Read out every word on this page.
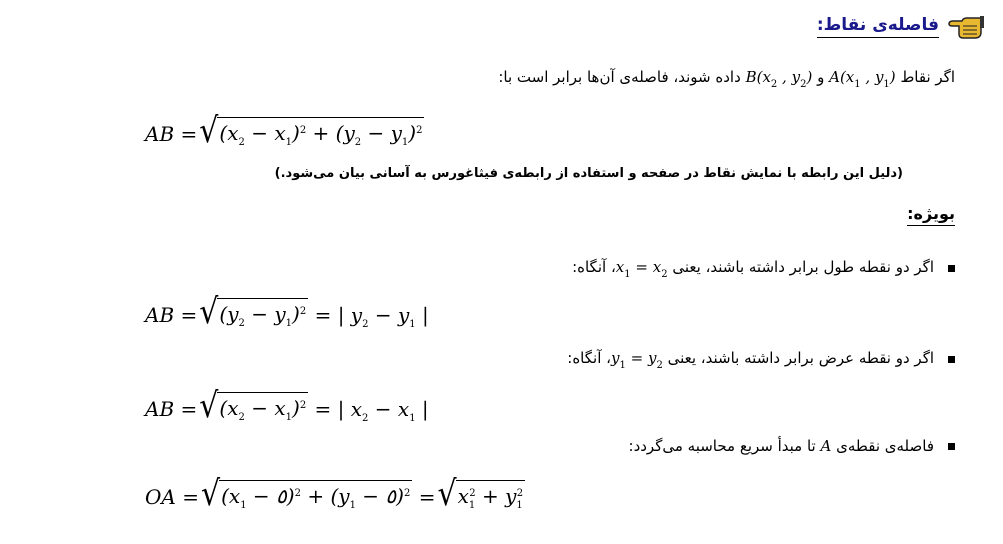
فاصله‌ی نقاط:
اگر نقاط $A(x_1$ , $y_1$) و $B(x_2$ , $y_2$) داده شوند، فاصله‌ی آن‌ها برابر است با:
AB = √ $(x_2 - x_1)^2 + (y_2 - y_1)^2$
(دلیل این رابطه با نمایش نقاط در صفحه و استفاده از رابطه‌ی فیثاغورس به آسانی بیان می‌شود.)
بویژه:
اگر دو نقطه طول برابر داشته باشند، یعنی $x_1$ = $x_2،$ آنگاه:
AB = √ $(y_2 - y_1)^2$ = | $y_2 - y_1$ |
اگر دو نقطه عرض برابر داشته باشند، یعنی $y_1$ = $y_2،$ آنگاه:
AB = √ $(x_2 - x_1)^2$ = | $x_2 - x_1$ |
فاصله‌ی نقطه‌ی A تا مبدأ سریع محاسبه می‌گردد:
OA = √ ($x_1$ − ٥)$^2$ + ($y_1$ − ٥)$^2$ = √ $x_1^2 + y_1^2$
